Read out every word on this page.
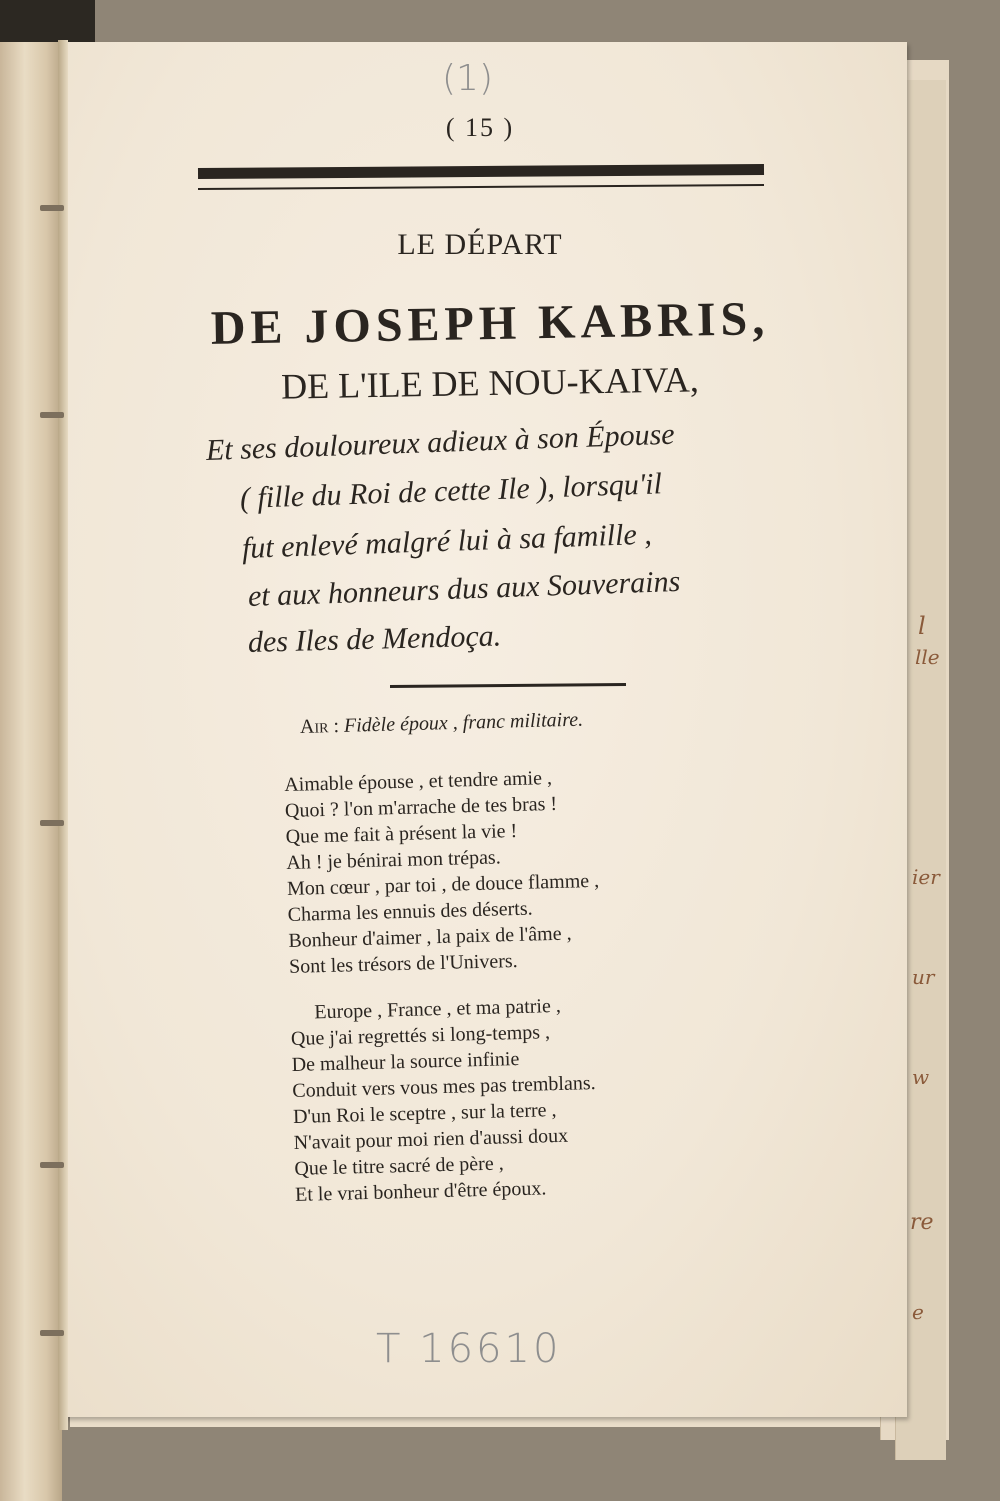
l
lle
ier
ur
w
re
e
(1)
( 15 )
LE DÉPART
DE JOSEPH KABRIS,
DE L'ILE DE NOU-KAIVA,
Et ses douloureux adieux à son Épouse
( fille du Roi de cette Ile ), lorsqu'il
fut enlevé malgré lui à sa famille ,
et aux honneurs dus aux Souverains
des Iles de Mendoça.
Air : Fidèle époux , franc militaire.
Aimable épouse , et tendre amie ,
Quoi ? l'on m'arrache de tes bras !
Que me fait à présent la vie !
Ah ! je bénirai mon trépas.
Mon cœur , par toi , de douce flamme ,
Charma les ennuis des déserts.
Bonheur d'aimer , la paix de l'âme ,
Sont les trésors de l'Univers.
Europe , France , et ma patrie ,
Que j'ai regrettés si long-temps ,
De malheur la source infinie
Conduit vers vous mes pas tremblans.
D'un Roi le sceptre , sur la terre ,
N'avait pour moi rien d'aussi doux
Que le titre sacré de père ,
Et le vrai bonheur d'être époux.
T 16610
